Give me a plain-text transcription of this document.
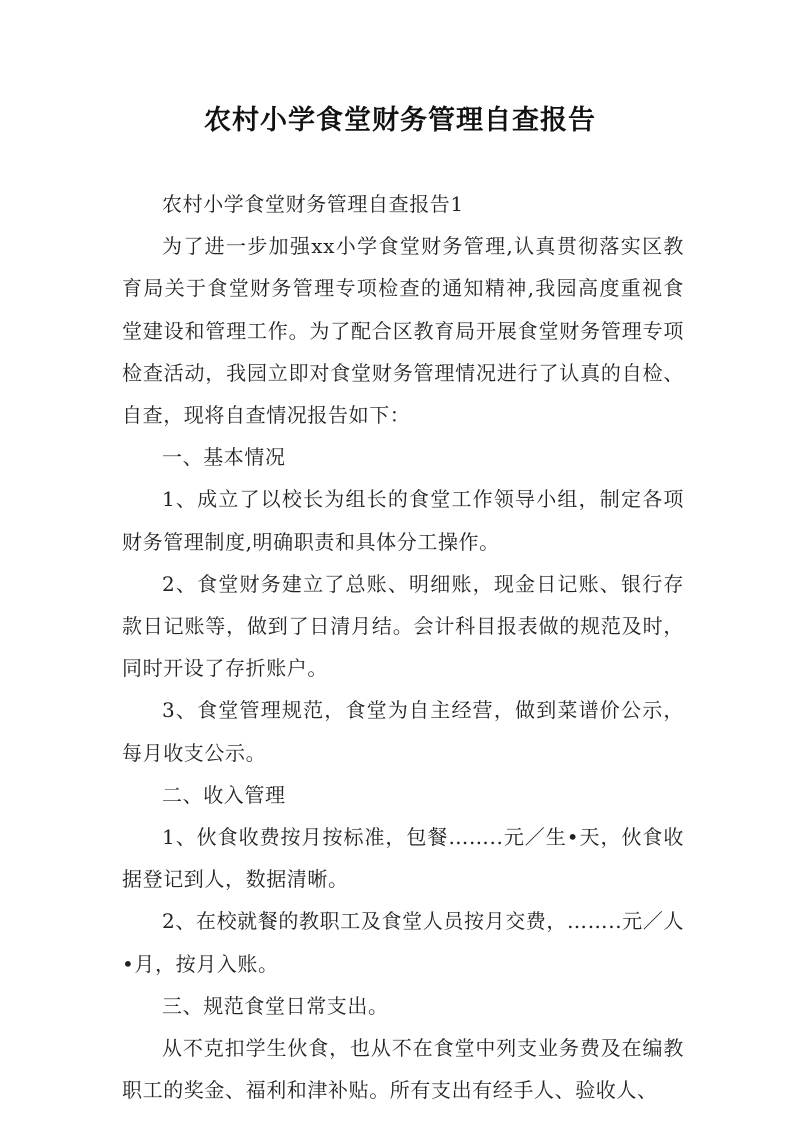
农村小学食堂财务管理自查报告

农村小学食堂财务管理自查报告1

为了进一步加强xx小学食堂财务管理,认真贯彻落实区教育局关于食堂财务管理专项检查的通知精神,我园高度重视食堂建设和管理工作。为了配合区教育局开展食堂财务管理专项检查活动，我园立即对食堂财务管理情况进行了认真的自检、自查，现将自查情况报告如下：

一、基本情况

1、成立了以校长为组长的食堂工作领导小组，制定各项财务管理制度,明确职责和具体分工操作。

2、食堂财务建立了总账、明细账，现金日记账、银行存款日记账等，做到了日清月结。会计科目报表做的规范及时，同时开设了存折账户。

3、食堂管理规范，食堂为自主经营，做到菜谱价公示，每月收支公示。

二、收入管理

1、伙食收费按月按标准，包餐……..元／生•天，伙食收据登记到人，数据清晰。

2、在校就餐的教职工及食堂人员按月交费，……..元／人•月，按月入账。

三、规范食堂日常支出。

从不克扣学生伙食，也从不在食堂中列支业务费及在编教职工的奖金、福利和津补贴。所有支出有经手人、验收人、
